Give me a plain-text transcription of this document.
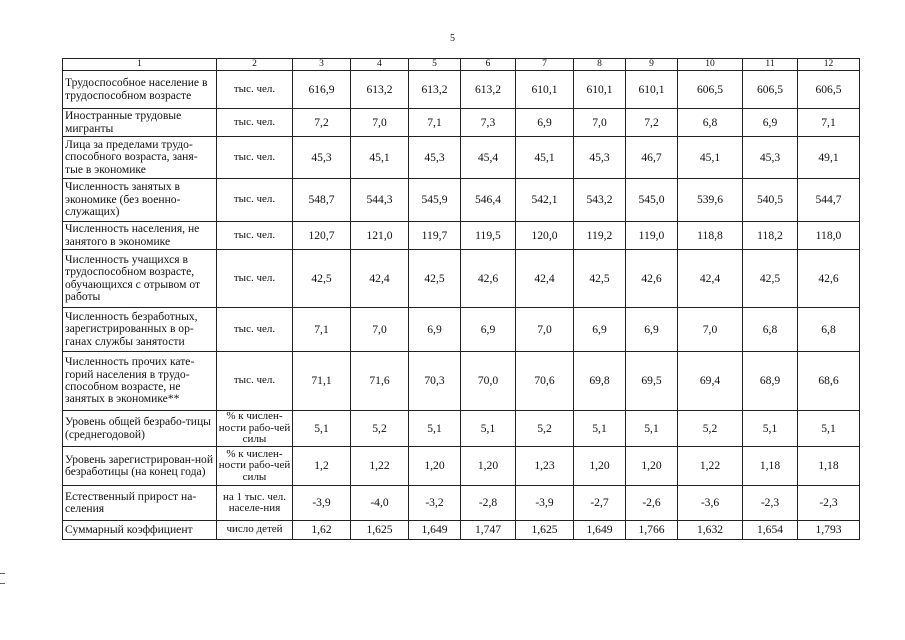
5
1	2	3	4	5	6	7	8	9	10	11	12
Трудоспособное население в трудоспособном возрасте	тыс. чел.	616,9	613,2	613,2	613,2	610,1	610,1	610,1	606,5	606,5	606,5
Иностранные трудовые мигранты	тыс. чел.	7,2	7,0	7,1	7,3	6,9	7,0	7,2	6,8	6,9	7,1
Лица за пределами трудо-способного возраста, заня-тые в экономике	тыс. чел.	45,3	45,1	45,3	45,4	45,1	45,3	46,7	45,1	45,3	49,1
Численность занятых в экономике (без военно-служащих)	тыс. чел.	548,7	544,3	545,9	546,4	542,1	543,2	545,0	539,6	540,5	544,7
Численность населения, не занятого в экономике	тыс. чел.	120,7	121,0	119,7	119,5	120,0	119,2	119,0	118,8	118,2	118,0
Численность учащихся в трудоспособном возрасте, обучающихся с отрывом от работы	тыс. чел.	42,5	42,4	42,5	42,6	42,4	42,5	42,6	42,4	42,5	42,6
Численность безработных, зарегистрированных в ор-ганах службы занятости	тыс. чел.	7,1	7,0	6,9	6,9	7,0	6,9	6,9	7,0	6,8	6,8
Численность прочих кате-горий населения в трудо-способном возрасте, не занятых в экономике**	тыс. чел.	71,1	71,6	70,3	70,0	70,6	69,8	69,5	69,4	68,9	68,6
Уровень общей безрабо-тицы (среднегодовой)	% к числен-ности рабо-чей силы	5,1	5,2	5,1	5,1	5,2	5,1	5,1	5,2	5,1	5,1
Уровень зарегистрирован-ной безработицы (на конец года)	% к числен-ности рабо-чей силы	1,2	1,22	1,20	1,20	1,23	1,20	1,20	1,22	1,18	1,18
Естественный прирост на-селения	на 1 тыс. чел. населе-ния	-3,9	-4,0	-3,2	-2,8	-3,9	-2,7	-2,6	-3,6	-2,3	-2,3
Суммарный коэффициент	число детей	1,62	1,625	1,649	1,747	1,625	1,649	1,766	1,632	1,654	1,793
